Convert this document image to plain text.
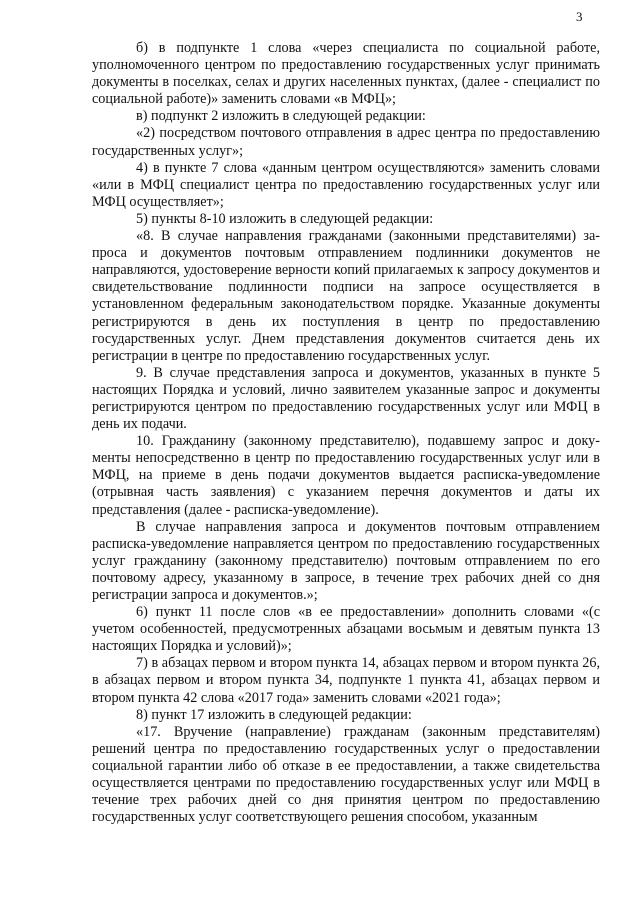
3

б) в подпункте 1 слова «через специалиста по социальной работе, уполномоченного центром по предоставлению государственных услуг принимать документы в поселках, селах и других населенных пунктах, (далее - специалист по социальной работе)» заменить словами «в МФЦ»;

в) подпункт 2 изложить в следующей редакции:

«2) посредством почтового отправления в адрес центра по предоставлению государственных услуг»;

4) в пункте 7 слова «данным центром осуществляются» заменить словами «или в МФЦ специалист центра по предоставлению государственных услуг или МФЦ осуществляет»;

5) пункты 8-10 изложить в следующей редакции:

«8. В случае направления гражданами (законными представителями) запроса и документов почтовым отправлением подлинники документов не направляются, удостоверение верности копий прилагаемых к запросу документов и свидетельствование подлинности подписи на запросе осуществляется в установленном федеральным законодательством порядке. Указанные документы регистрируются в день их поступления в центр по предоставлению государственных услуг. Днем представления документов считается день их регистрации в центре по предоставлению государственных услуг.

9. В случае представления запроса и документов, указанных в пункте 5 настоящих Порядка и условий, лично заявителем указанные запрос и документы регистрируются центром по предоставлению государственных услуг или МФЦ в день их подачи.

10. Гражданину (законному представителю), подавшему запрос и документы непосредственно в центр по предоставлению государственных услуг или в МФЦ, на приеме в день подачи документов выдается расписка-уведомление (отрывная часть заявления) с указанием перечня документов и даты их представления (далее - расписка-уведомление).

В случае направления запроса и документов почтовым отправлением расписка-уведомление направляется центром по предоставлению государственных услуг гражданину (законному представителю) почтовым отправлением по его почтовому адресу, указанному в запросе, в течение трех рабочих дней со дня регистрации запроса и документов.»;

6) пункт 11 после слов «в ее предоставлении» дополнить словами «(с учетом особенностей, предусмотренных абзацами восьмым и девятым пункта 13 настоящих Порядка и условий)»;

7) в абзацах первом и втором пункта 14, абзацах первом и втором пункта 26, в абзацах первом и втором пункта 34, подпункте 1 пункта 41, абзацах первом и втором пункта 42 слова «2017 года» заменить словами «2021 года»;

8) пункт 17 изложить в следующей редакции:

«17. Вручение (направление) гражданам (законным представителям) решений центра по предоставлению государственных услуг о предоставлении социальной гарантии либо об отказе в ее предоставлении, а также свидетельства осуществляется центрами по предоставлению государственных услуг или МФЦ в течение трех рабочих дней со дня принятия центром по предоставлению государственных услуг соответствующего решения способом, указанным
